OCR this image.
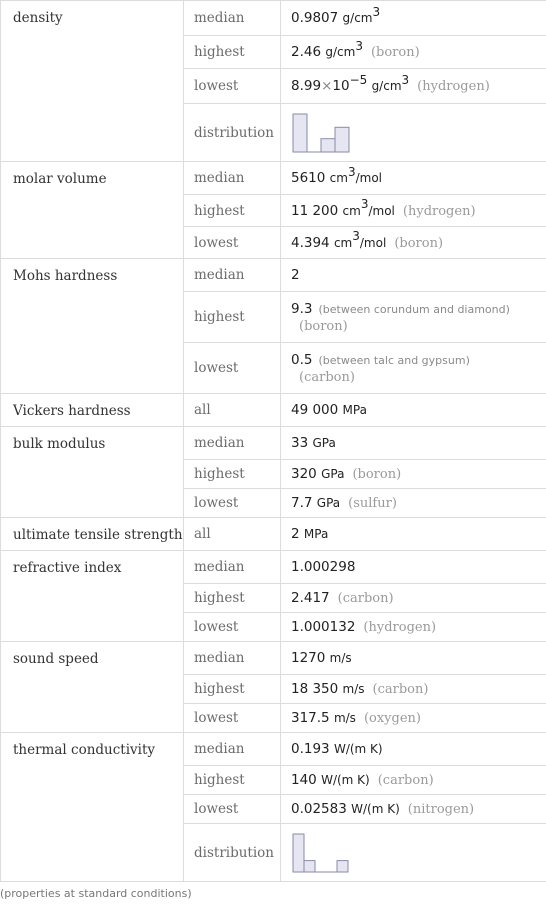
density	median	0.9807 $g/cm^3$
	highest	2.46 $g/cm^3$ (boron)
	lowest	$8.99\times 10^{-5}$ $g/cm^3$ (hydrogen)
	distribution	

molar volume	median	5610 $cm^3$/mol
	highest	11 200 $cm^3$/mol (hydrogen)
	lowest	4.394 $cm^3$/mol (boron)
Mohs hardness	median	2
	highest	9.3 (between corundum and diamond)
(boron)

	lowest	0.5 (between talc and gypsum)
(carbon)

Vickers hardness	all	49 000 MPa
bulk modulus	median	33 GPa
	highest	320 GPa (boron)
	lowest	7.7 GPa (sulfur)
ultimate tensile strength	all	2 MPa
refractive index	median	1.000298
	highest	2.417 (carbon)
	lowest	1.000132 (hydrogen)
sound speed	median	1270 m/s
	highest	18 350 m/s (carbon)
	lowest	317.5 m/s (oxygen)
thermal conductivity	median	0.193 W/(m K)
	highest	140 W/(m K) (carbon)
	lowest	0.02583 W/(m K) (nitrogen)
	distribution	
(properties at standard conditions)
